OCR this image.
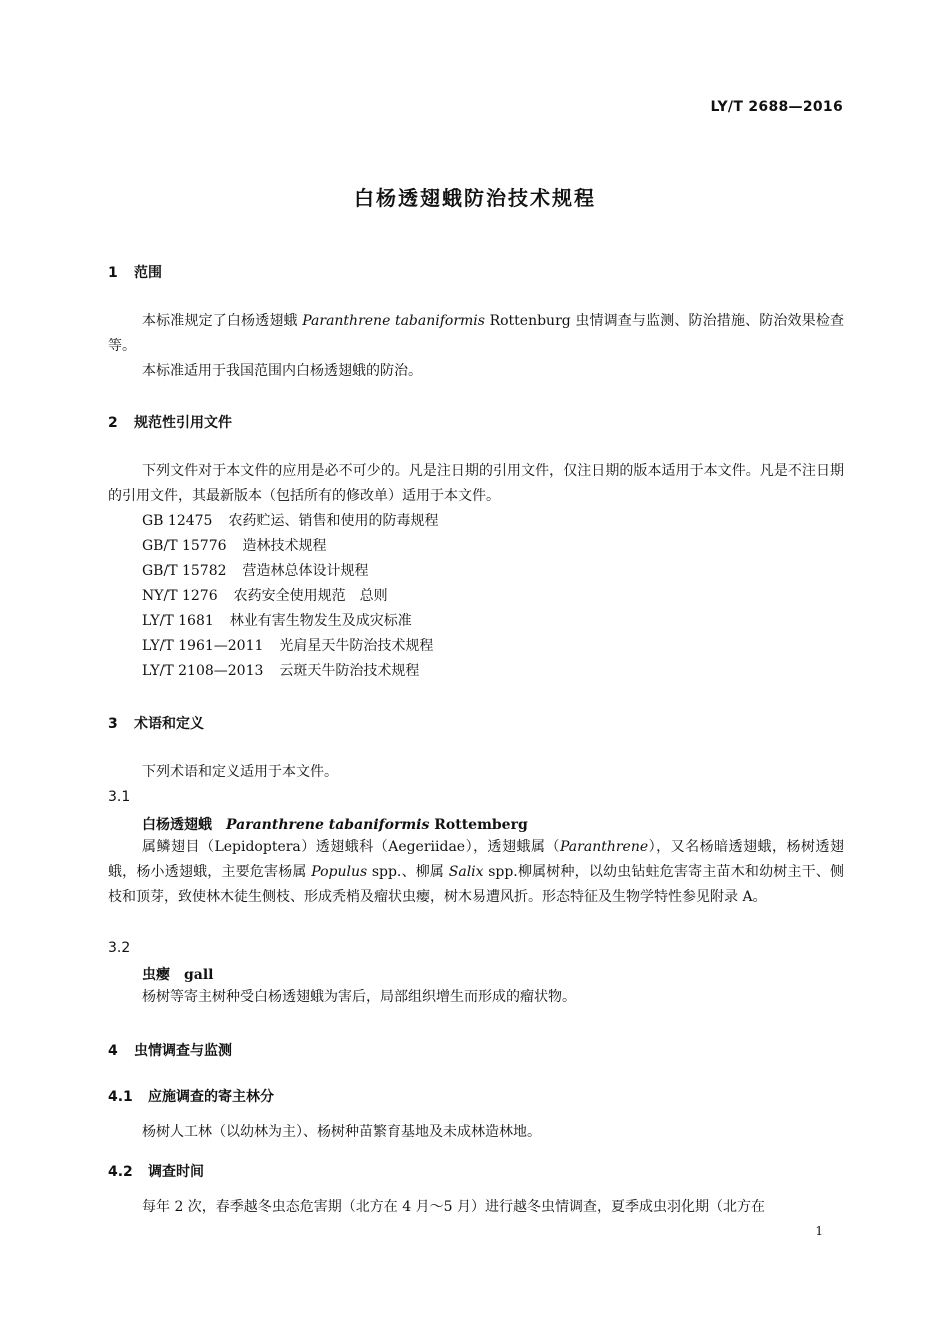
LY/T 2688—2016
白杨透翅蛾防治技术规程
1 范围

本标准规定了白杨透翅蛾 Paranthrene tabaniformis Rottenburg 虫情调查与监测、防治措施、防治效果检查等。

本标准适用于我国范围内白杨透翅蛾的防治。

2 规范性引用文件

下列文件对于本文件的应用是必不可少的。凡是注日期的引用文件，仅注日期的版本适用于本文件。凡是不注日期的引用文件，其最新版本（包括所有的修改单）适用于本文件。

GB 12475 农药贮运、销售和使用的防毒规程
GB/T 15776 造林技术规程
GB/T 15782 营造林总体设计规程
NY/T 1276 农药安全使用规范　总则
LY/T 1681 林业有害生物发生及成灾标准
LY/T 1961—2011 光肩星天牛防治技术规程
LY/T 2108—2013 云斑天牛防治技术规程
3 术语和定义

下列术语和定义适用于本文件。

3.1
白杨透翅蛾 Paranthrene tabaniformis Rottemberg

属鳞翅目（Lepidoptera）透翅蛾科（Aegeriidae），透翅蛾属（Paranthrene），又名杨暗透翅蛾，杨树透翅蛾，杨小透翅蛾，主要危害杨属 Populus spp.、柳属 Salix spp.柳属树种，以幼虫钻蛀危害寄主苗木和幼树主干、侧枝和顶芽，致使林木徒生侧枝、形成秃梢及瘤状虫瘿，树木易遭风折。形态特征及生物学特性参见附录 A。

3.2
虫瘿 gall

杨树等寄主树种受白杨透翅蛾为害后，局部组织增生而形成的瘤状物。

4 虫情调查与监测
4.1 应施调查的寄主林分

杨树人工林（以幼林为主）、杨树种苗繁育基地及未成林造林地。

4.2 调查时间

每年 2 次，春季越冬虫态危害期（北方在 4 月～5 月）进行越冬虫情调查，夏季成虫羽化期（北方在

1
